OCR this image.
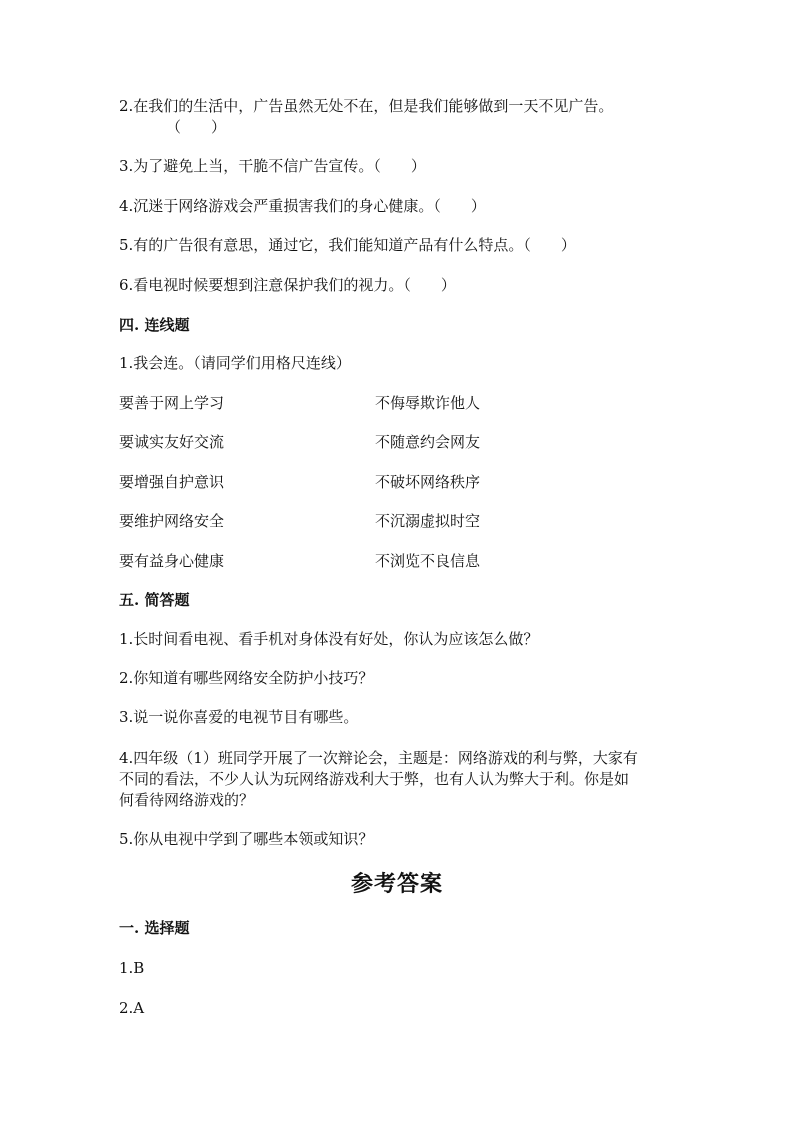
2.在我们的生活中，广告虽然无处不在，但是我们能够做到一天不见广告。
（　　）
3.为了避免上当，干脆不信广告宣传。（　　）
4.沉迷于网络游戏会严重损害我们的身心健康。（　　）
5.有的广告很有意思，通过它，我们能知道产品有什么特点。（　　）
6.看电视时候要想到注意保护我们的视力。（　　）
四. 连线题
1.我会连。（请同学们用格尺连线）
要善于网上学习	不侮辱欺诈他人
要诚实友好交流	不随意约会网友
要增强自护意识	不破坏网络秩序
要维护网络安全	不沉溺虚拟时空
要有益身心健康	不浏览不良信息
五. 简答题
1.长时间看电视、看手机对身体没有好处，你认为应该怎么做？
2.你知道有哪些网络安全防护小技巧？
3.说一说你喜爱的电视节目有哪些。
4.四年级（1）班同学开展了一次辩论会，主题是：网络游戏的利与弊，大家有
不同的看法，不少人认为玩网络游戏利大于弊，也有人认为弊大于利。你是如
何看待网络游戏的？
5.你从电视中学到了哪些本领或知识？
参考答案
一. 选择题
1.B
2.A
